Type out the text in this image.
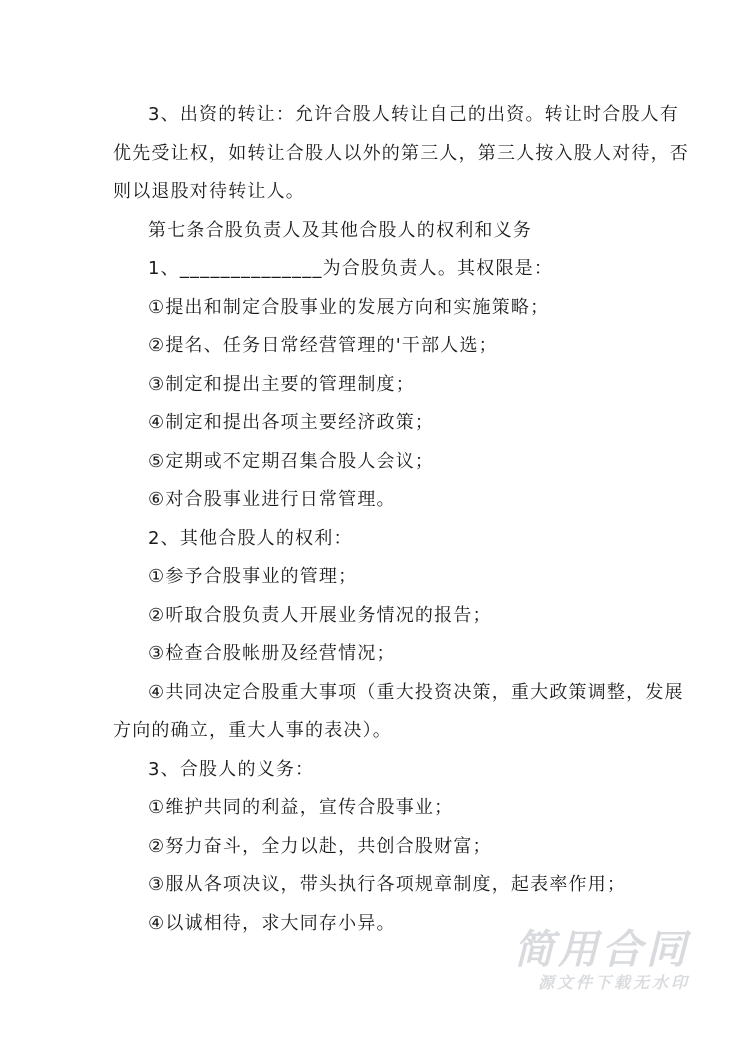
3、出资的转让：允许合股人转让自己的出资。转让时合股人有
优先受让权，如转让合股人以外的第三人，第三人按入股人对待，否
则以退股对待转让人。
第七条合股负责人及其他合股人的权利和义务
1、______________为合股负责人。其权限是：
①提出和制定合股事业的发展方向和实施策略；
②提名、任务日常经营管理的'干部人选；
③制定和提出主要的管理制度；
④制定和提出各项主要经济政策；
⑤定期或不定期召集合股人会议；
⑥对合股事业进行日常管理。
2、其他合股人的权利：
①参予合股事业的管理；
②听取合股负责人开展业务情况的报告；
③检查合股帐册及经营情况；
④共同决定合股重大事项（重大投资决策，重大政策调整，发展
方向的确立，重大人事的表决）。
3、合股人的义务：
①维护共同的利益，宣传合股事业；
②努力奋斗，全力以赴，共创合股财富；
③服从各项决议，带头执行各项规章制度，起表率作用；
④以诚相待，求大同存小异。
简用合同
源文件下载无水印
